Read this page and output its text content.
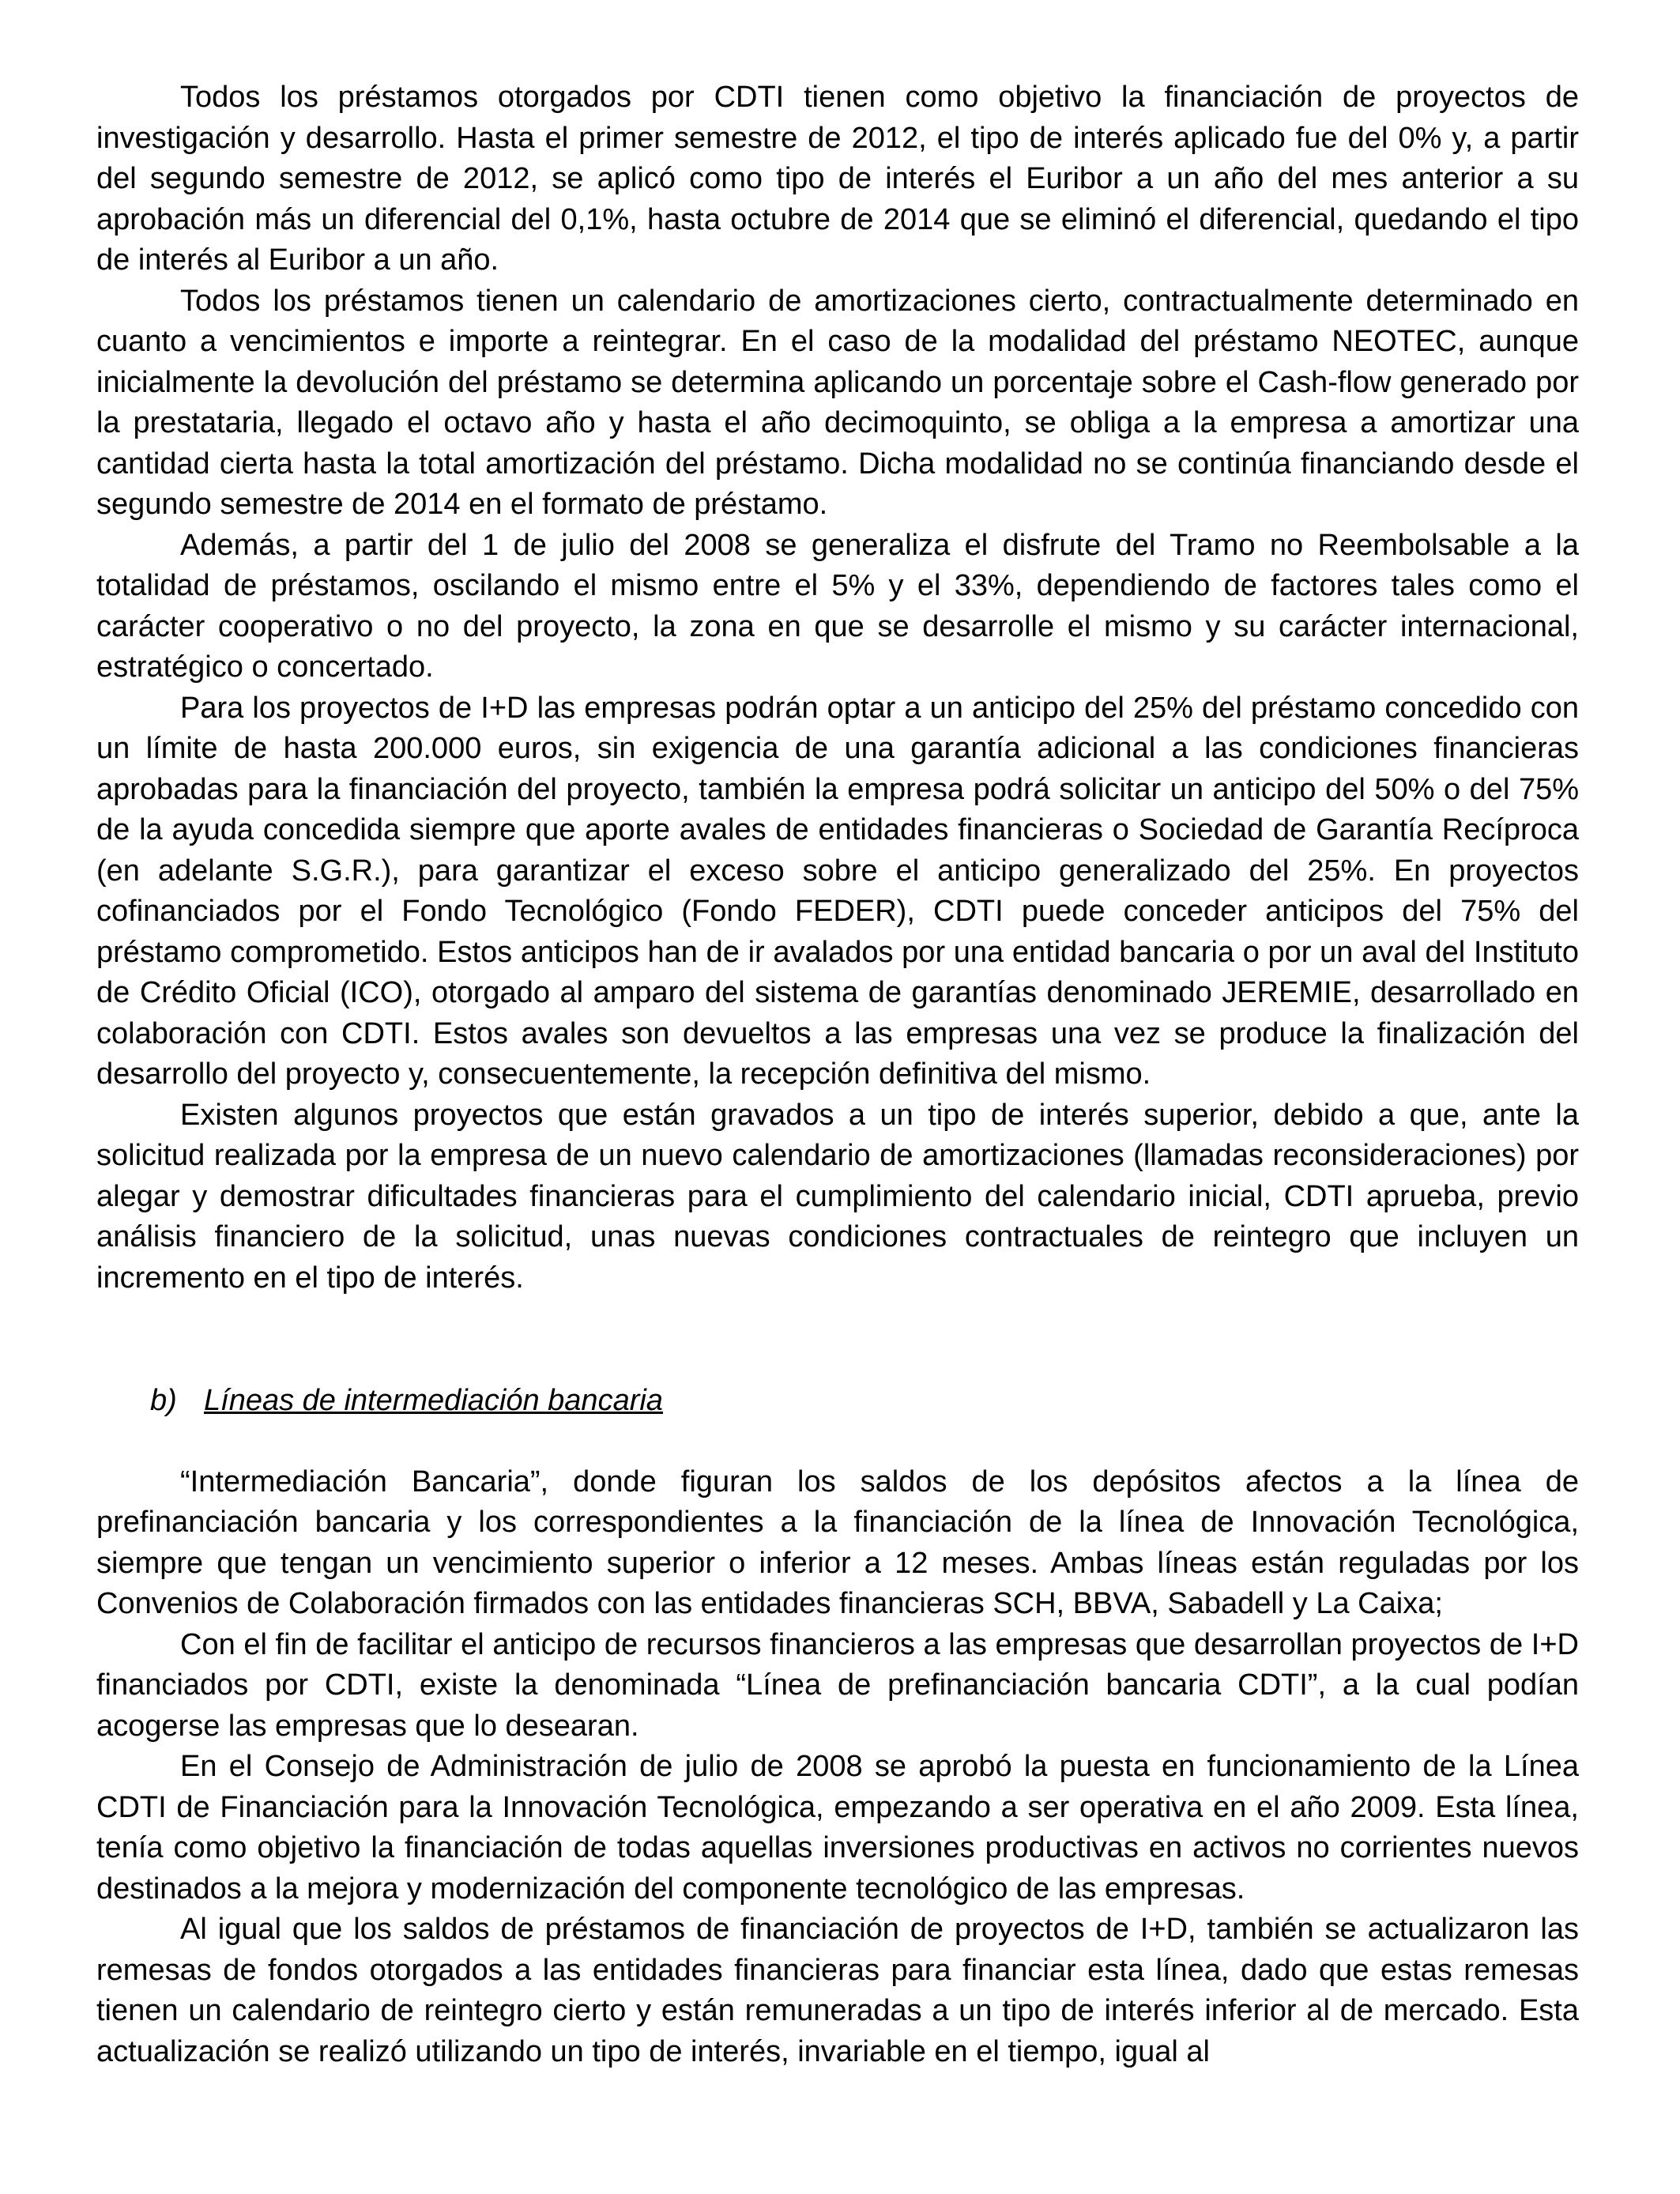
Todos los préstamos otorgados por CDTI tienen como objetivo la financiación de proyectos de investigación y desarrollo. Hasta el primer semestre de 2012, el tipo de interés aplicado fue del 0% y, a partir del segundo semestre de 2012, se aplicó como tipo de interés el Euribor a un año del mes anterior a su aprobación más un diferencial del 0,1%, hasta octubre de 2014 que se eliminó el diferencial, quedando el tipo de interés al Euribor a un año.

Todos los préstamos tienen un calendario de amortizaciones cierto, contractualmente determinado en cuanto a vencimientos e importe a reintegrar. En el caso de la modalidad del préstamo NEOTEC, aunque inicialmente la devolución del préstamo se determina aplicando un porcentaje sobre el Cash-flow generado por la prestataria, llegado el octavo año y hasta el año decimoquinto, se obliga a la empresa a amortizar una cantidad cierta hasta la total amortización del préstamo. Dicha modalidad no se continúa financiando desde el segundo semestre de 2014 en el formato de préstamo.

Además, a partir del 1 de julio del 2008 se generaliza el disfrute del Tramo no Reembolsable a la totalidad de préstamos, oscilando el mismo entre el 5% y el 33%, dependiendo de factores tales como el carácter cooperativo o no del proyecto, la zona en que se desarrolle el mismo y su carácter internacional, estratégico o concertado.

Para los proyectos de I+D las empresas podrán optar a un anticipo del 25% del préstamo concedido con un límite de hasta 200.000 euros, sin exigencia de una garantía adicional a las condiciones financieras aprobadas para la financiación del proyecto, también la empresa podrá solicitar un anticipo del 50% o del 75% de la ayuda concedida siempre que aporte avales de entidades financieras o Sociedad de Garantía Recíproca (en adelante S.G.R.), para garantizar el exceso sobre el anticipo generalizado del 25%. En proyectos cofinanciados por el Fondo Tecnológico (Fondo FEDER), CDTI puede conceder anticipos del 75% del préstamo comprometido. Estos anticipos han de ir avalados por una entidad bancaria o por un aval del Instituto de Crédito Oficial (ICO), otorgado al amparo del sistema de garantías denominado JEREMIE, desarrollado en colaboración con CDTI. Estos avales son devueltos a las empresas una vez se produce la finalización del desarrollo del proyecto y, consecuentemente, la recepción definitiva del mismo.

Existen algunos proyectos que están gravados a un tipo de interés superior, debido a que, ante la solicitud realizada por la empresa de un nuevo calendario de amortizaciones (llamadas reconsideraciones) por alegar y demostrar dificultades financieras para el cumplimiento del calendario inicial, CDTI aprueba, previo análisis financiero de la solicitud, unas nuevas condiciones contractuales de reintegro que incluyen un incremento en el tipo de interés.

b) Líneas de intermediación bancaria

“Intermediación Bancaria”, donde figuran los saldos de los depósitos afectos a la línea de prefinanciación bancaria y los correspondientes a la financiación de la línea de Innovación Tecnológica, siempre que tengan un vencimiento superior o inferior a 12 meses. Ambas líneas están reguladas por los Convenios de Colaboración firmados con las entidades financieras SCH, BBVA, Sabadell y La Caixa;

Con el fin de facilitar el anticipo de recursos financieros a las empresas que desarrollan proyectos de I+D financiados por CDTI, existe la denominada “Línea de prefinanciación bancaria CDTI”, a la cual podían acogerse las empresas que lo desearan.

En el Consejo de Administración de julio de 2008 se aprobó la puesta en funcionamiento de la Línea CDTI de Financiación para la Innovación Tecnológica, empezando a ser operativa en el año 2009. Esta línea, tenía como objetivo la financiación de todas aquellas inversiones productivas en activos no corrientes nuevos destinados a la mejora y modernización del componente tecnológico de las empresas.

Al igual que los saldos de préstamos de financiación de proyectos de I+D, también se actualizaron las remesas de fondos otorgados a las entidades financieras para financiar esta línea, dado que estas remesas tienen un calendario de reintegro cierto y están remuneradas a un tipo de interés inferior al de mercado. Esta actualización se realizó utilizando un tipo de interés, invariable en el tiempo, igual al
